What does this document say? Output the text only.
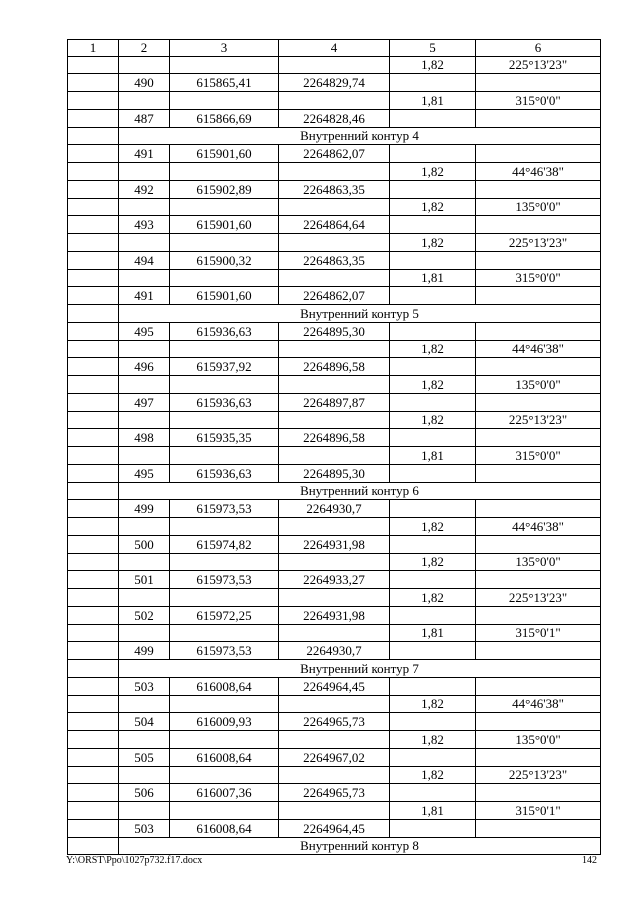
1	2	3	4	5	6
				1,82	225°13'23"
	490	615865,41	2264829,74		
				1,81	315°0'0"
	487	615866,69	2264828,46		
	Внутренний контур 4				
	491	615901,60	2264862,07		
				1,82	44°46'38"
	492	615902,89	2264863,35		
				1,82	135°0'0"
	493	615901,60	2264864,64		
				1,82	225°13'23"
	494	615900,32	2264863,35		
				1,81	315°0'0"
	491	615901,60	2264862,07		
	Внутренний контур 5				
	495	615936,63	2264895,30		
				1,82	44°46'38"
	496	615937,92	2264896,58		
				1,82	135°0'0"
	497	615936,63	2264897,87		
				1,82	225°13'23"
	498	615935,35	2264896,58		
				1,81	315°0'0"
	495	615936,63	2264895,30		
	Внутренний контур 6				
	499	615973,53	2264930,7		
				1,82	44°46'38"
	500	615974,82	2264931,98		
				1,82	135°0'0"
	501	615973,53	2264933,27		
				1,82	225°13'23"
	502	615972,25	2264931,98		
				1,81	315°0'1"
	499	615973,53	2264930,7		
	Внутренний контур 7				
	503	616008,64	2264964,45		
				1,82	44°46'38"
	504	616009,93	2264965,73		
				1,82	135°0'0"
	505	616008,64	2264967,02		
				1,82	225°13'23"
	506	616007,36	2264965,73		
				1,81	315°0'1"
	503	616008,64	2264964,45		
	Внутренний контур 8				
Y:\ORST\Ppo\1027p732.f17.docx	142
